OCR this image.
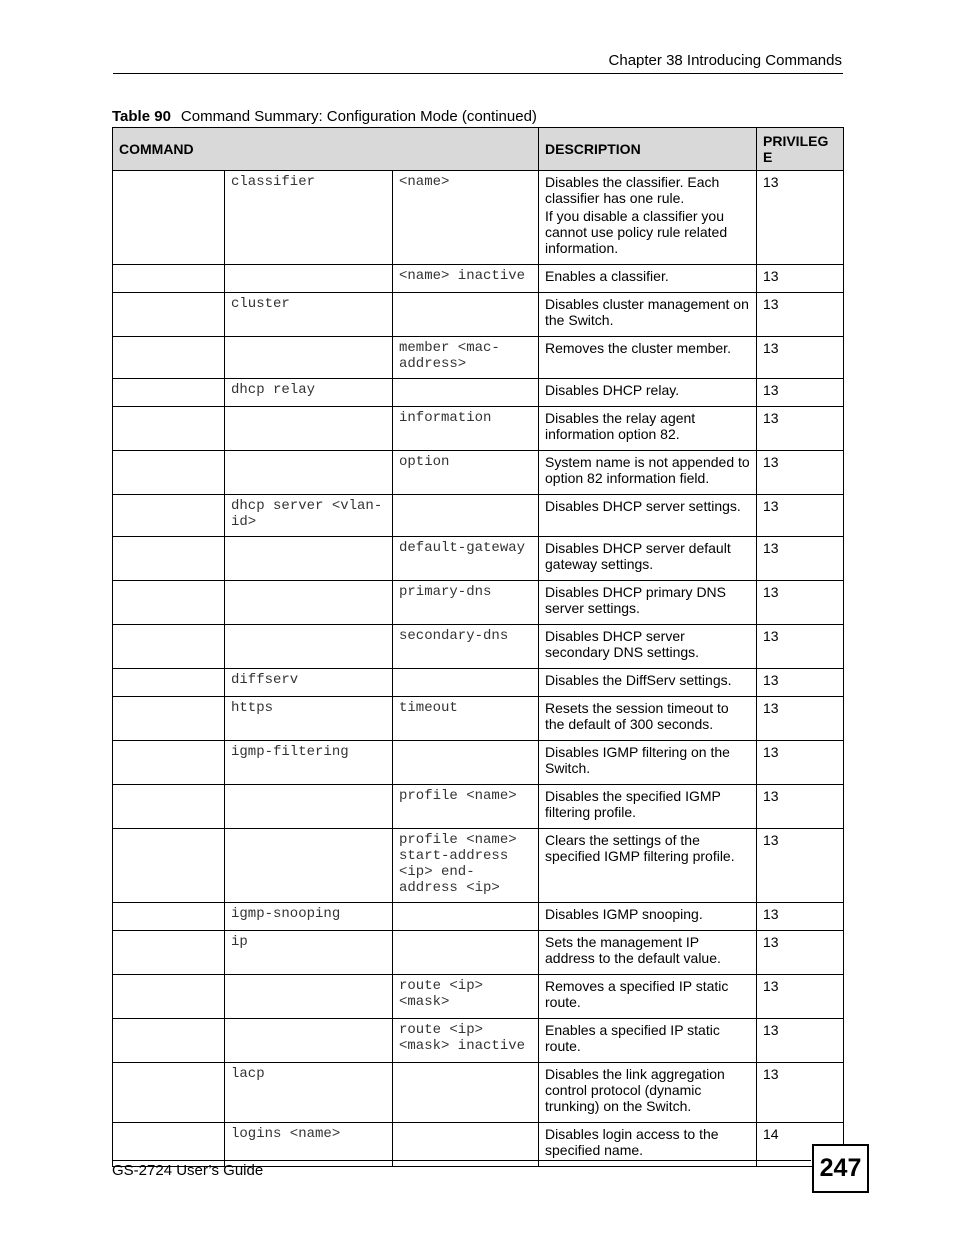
Chapter 38 Introducing Commands
Table 90 Command Summary: Configuration Mode (continued)
COMMAND			DESCRIPTION	PRIVILEG E
	classifier	<name>	Disables the classifier. Each classifier has one rule.

If you disable a classifier you cannot use policy rule related information.	13
		<name> inactive	Enables a classifier.	13
	cluster		Disables cluster management on the Switch.	13
		member <mac-address>	Removes the cluster member.	13
	dhcp relay		Disables DHCP relay.	13
		information	Disables the relay agent information option 82.	13
		option	System name is not appended to option 82 information field.	13
	dhcp server <vlan-id>		Disables DHCP server settings.	13
		default-gateway	Disables DHCP server default gateway settings.	13
		primary-dns	Disables DHCP primary DNS server settings.	13
		secondary-dns	Disables DHCP server secondary DNS settings.	13
	diffserv		Disables the DiffServ settings.	13
	https	timeout	Resets the session timeout to the default of 300 seconds.	13
	igmp-filtering		Disables IGMP filtering on the Switch.	13
		profile <name>	Disables the specified IGMP filtering profile.	13
		profile <name> start-address <ip> end-address <ip>	Clears the settings of the specified IGMP filtering profile.	13
	igmp-snooping		Disables IGMP snooping.	13
	ip		Sets the management IP address to the default value.	13
		route <ip> <mask>	Removes a specified IP static route.	13
		route <ip> <mask> inactive	Enables a specified IP static route.	13
	lacp		Disables the link aggregation control protocol (dynamic trunking) on the Switch.	13
	logins <name>		Disables login access to the specified name.	14
GS-2724 User’s Guide	247
